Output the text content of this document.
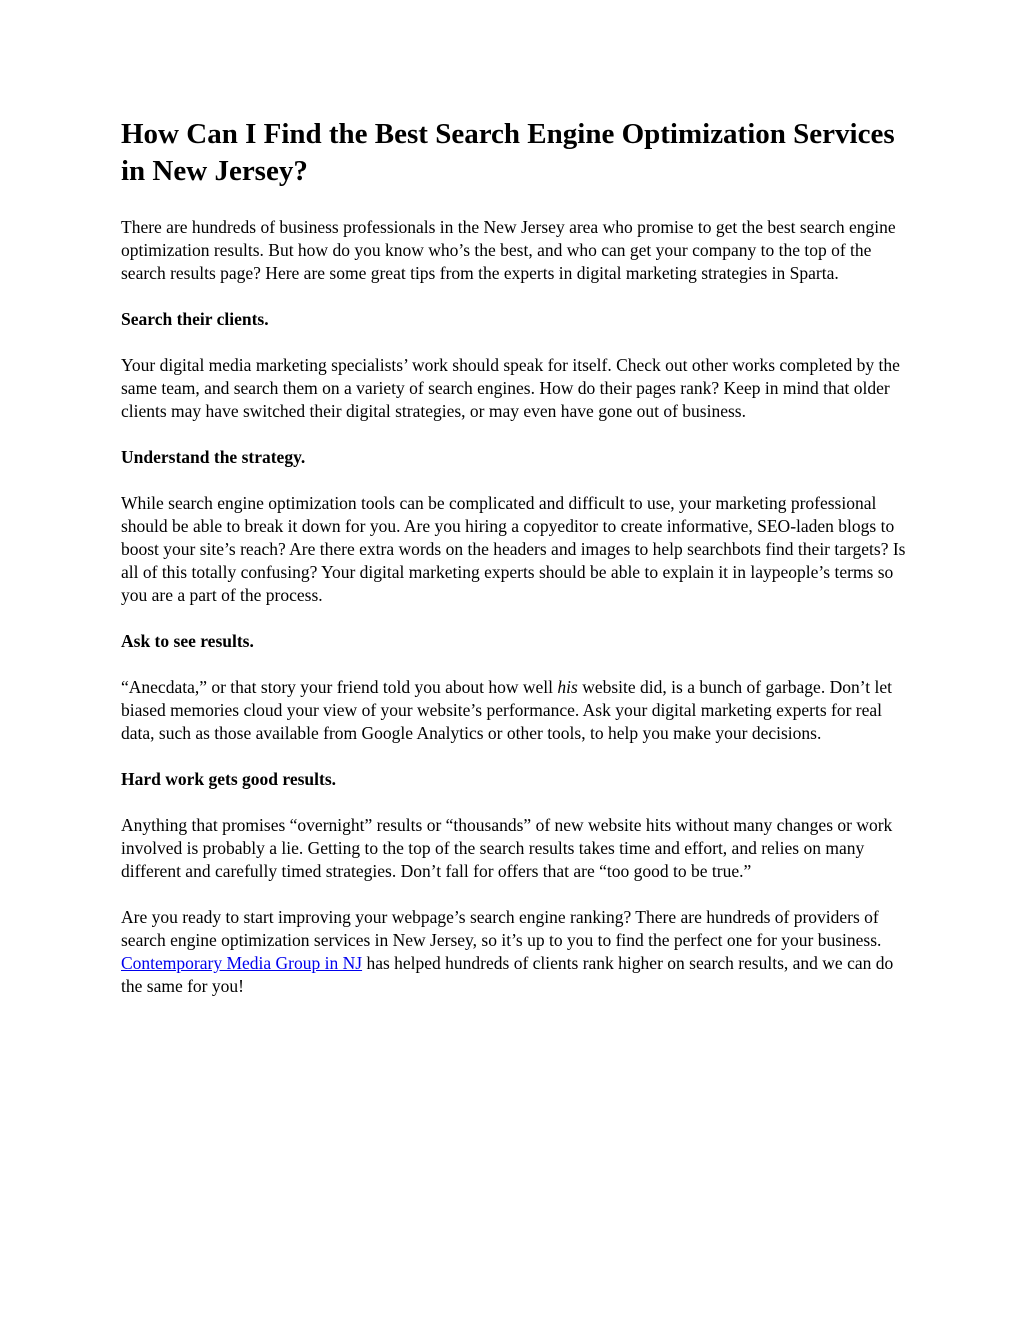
How Can I Find the Best Search Engine Optimization Services in New Jersey?

There are hundreds of business professionals in the New Jersey area who promise to get the best search engine optimization results. But how do you know who’s the best, and who can get your company to the top of the search results page? Here are some great tips from the experts in digital marketing strategies in Sparta.

Search their clients.

Your digital media marketing specialists’ work should speak for itself. Check out other works completed by the same team, and search them on a variety of search engines. How do their pages rank? Keep in mind that older clients may have switched their digital strategies, or may even have gone out of business.

Understand the strategy.

While search engine optimization tools can be complicated and difficult to use, your marketing professional should be able to break it down for you. Are you hiring a copyeditor to create informative, SEO-laden blogs to boost your site’s reach? Are there extra words on the headers and images to help searchbots find their targets? Is all of this totally confusing? Your digital marketing experts should be able to explain it in laypeople’s terms so you are a part of the process.

Ask to see results.

“Anecdata,” or that story your friend told you about how well his website did, is a bunch of garbage. Don’t let biased memories cloud your view of your website’s performance. Ask your digital marketing experts for real data, such as those available from Google Analytics or other tools, to help you make your decisions.

Hard work gets good results.

Anything that promises “overnight” results or “thousands” of new website hits without many changes or work involved is probably a lie. Getting to the top of the search results takes time and effort, and relies on many different and carefully timed strategies. Don’t fall for offers that are “too good to be true.”

Are you ready to start improving your webpage’s search engine ranking? There are hundreds of providers of search engine optimization services in New Jersey, so it’s up to you to find the perfect one for your business. Contemporary Media Group in NJ has helped hundreds of clients rank higher on search results, and we can do the same for you!
